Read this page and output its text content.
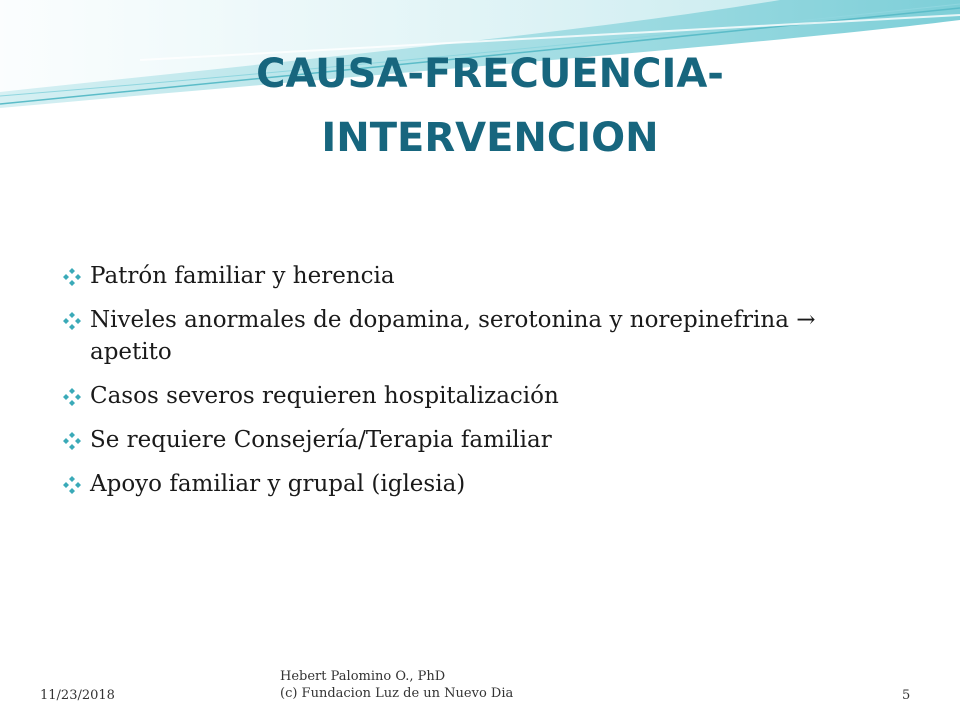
CAUSA-FRECUENCIA-
INTERVENCION
Patrón familiar y herencia
Niveles anormales de dopamina, serotonina y norepinefrina → apetito
Casos severos requieren hospitalización
Se requiere Consejería/Terapia familiar
Apoyo familiar y grupal (iglesia)
11/23/2018
Hebert Palomino O., PhD
(c) Fundacion Luz de un Nuevo Dia	5
